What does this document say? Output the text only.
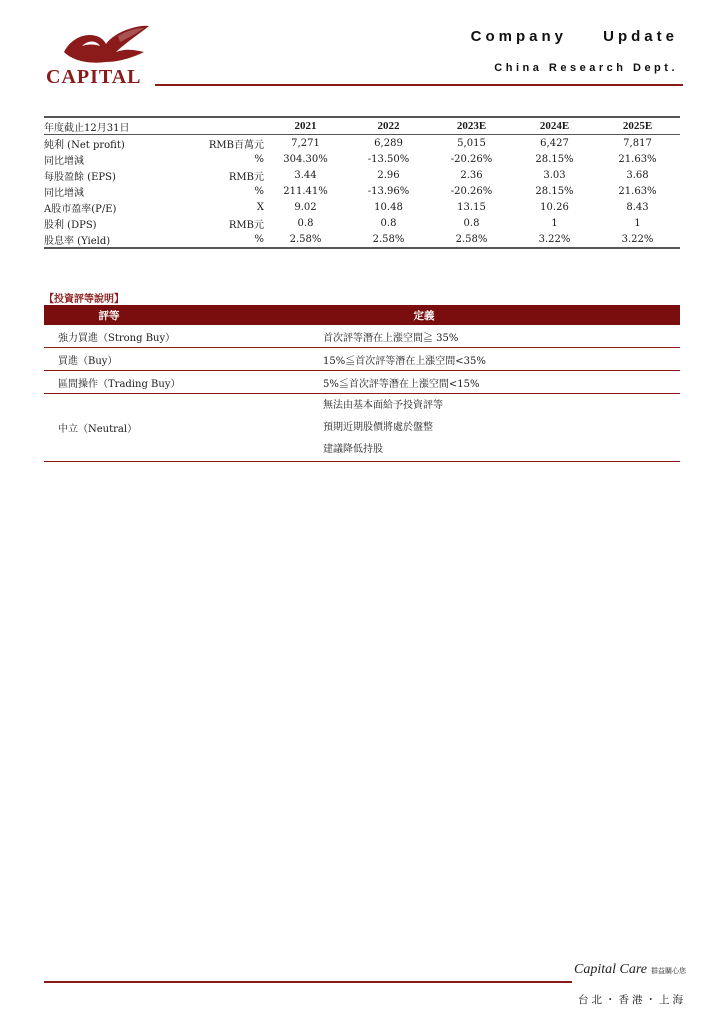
CAPITAL
Company Update
China Research Dept.
年度截止12月31日	2021	2022	2023E	2024E	2025E
純利 (Net profit)	RMB百萬元	7,271	6,289	5,015	6,427	7,817
同比增減	%	304.30%	-13.50%	-20.26%	28.15%	21.63%
每股盈餘 (EPS)	RMB元	3.44	2.96	2.36	3.03	3.68
同比增減	%	211.41%	-13.96%	-20.26%	28.15%	21.63%
A股市盈率(P/E)	X	9.02	10.48	13.15	10.26	8.43
股利 (DPS)	RMB元	0.8	0.8	0.8	1	1
股息率 (Yield)	%	2.58%	2.58%	2.58%	3.22%	3.22%
【投資評等說明】
評等	定義
強力買進（Strong Buy）	首次評等潛在上漲空間≧ 35%
買進（Buy）	15%≦首次評等潛在上漲空間<35%
區間操作（Trading Buy）	5%≦首次評等潛在上漲空間<15%
中立（Neutral）
無法由基本面給予投資評等
預期近期股價將處於盤整
建議降低持股
Capital Care 群益關心您
台北・香港・上海
